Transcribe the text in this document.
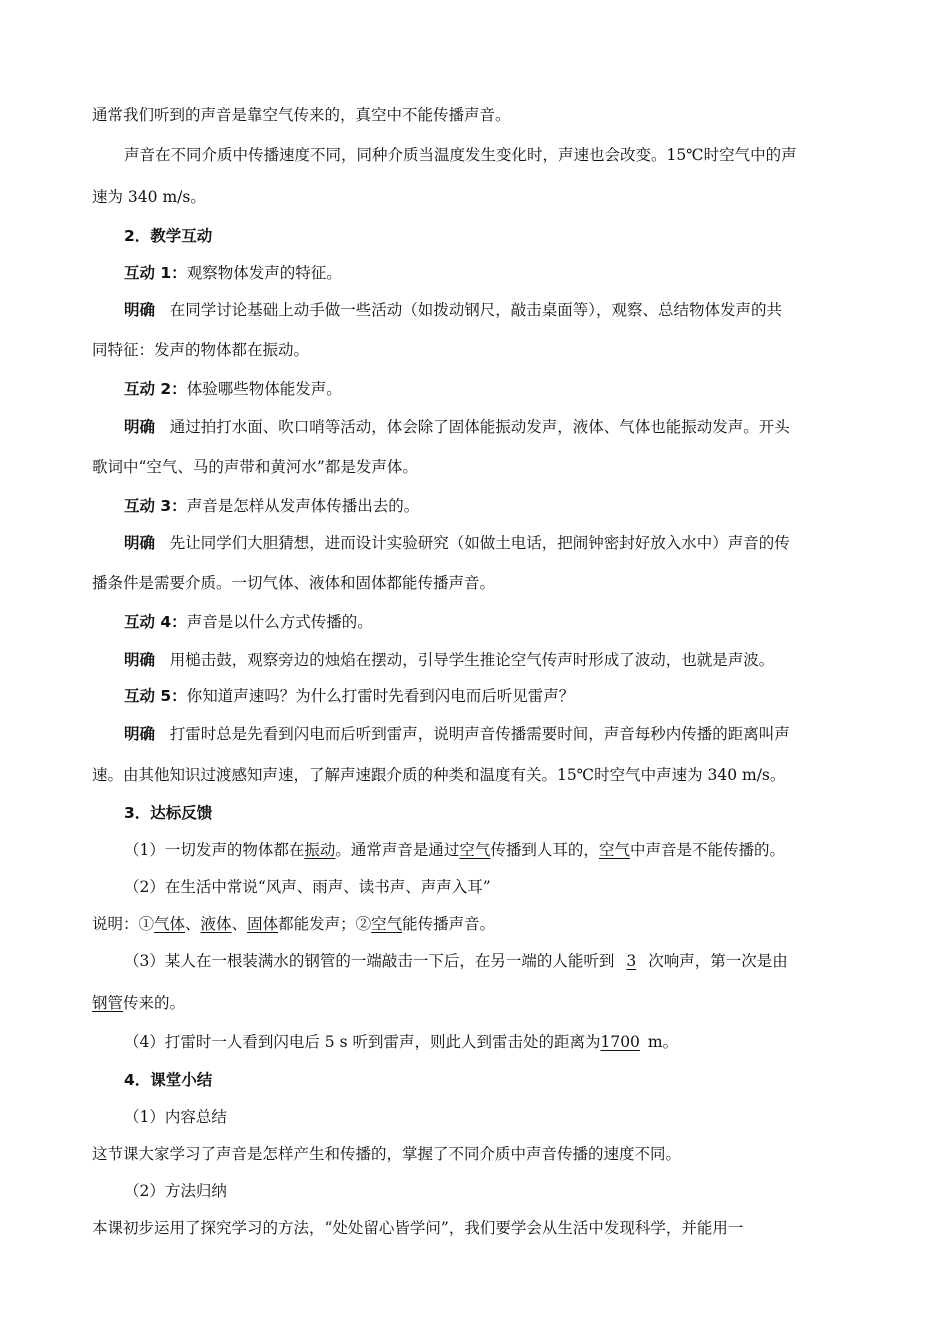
通常我们听到的声音是靠空气传来的，真空中不能传播声音。
声音在不同介质中传播速度不同，同种介质当温度发生变化时，声速也会改变。15℃时空气中的声
速为 340 m/s。
2．教学互动
互动 1：观察物体发声的特征。
明确 在同学讨论基础上动手做一些活动（如拨动钢尺，敲击桌面等），观察、总结物体发声的共
同特征：发声的物体都在振动。
互动 2：体验哪些物体能发声。
明确 通过拍打水面、吹口哨等活动，体会除了固体能振动发声，液体、气体也能振动发声。开头
歌词中“空气、马的声带和黄河水”都是发声体。
互动 3：声音是怎样从发声体传播出去的。
明确 先让同学们大胆猜想，进而设计实验研究（如做土电话，把闹钟密封好放入水中）声音的传
播条件是需要介质。一切气体、液体和固体都能传播声音。
互动 4：声音是以什么方式传播的。
明确 用槌击鼓，观察旁边的烛焰在摆动，引导学生推论空气传声时形成了波动，也就是声波。
互动 5：你知道声速吗？为什么打雷时先看到闪电而后听见雷声？
明确 打雷时总是先看到闪电而后听到雷声，说明声音传播需要时间，声音每秒内传播的距离叫声
速。由其他知识过渡感知声速，了解声速跟介质的种类和温度有关。15℃时空气中声速为 340 m/s。
3．达标反馈
（1）一切发声的物体都在振动。通常声音是通过空气传播到人耳的，空气中声音是不能传播的。
（2）在生活中常说“风声、雨声、读书声、声声入耳”
说明：①气体、液体、固体都能发声；②空气能传播声音。
（3）某人在一根装满水的钢管的一端敲击一下后，在另一端的人能听到 3 次响声，第一次是由
钢管传来的。
（4）打雷时一人看到闪电后 5 s 听到雷声，则此人到雷击处的距离为1700 m。
4．课堂小结
（1）内容总结
这节课大家学习了声音是怎样产生和传播的，掌握了不同介质中声音传播的速度不同。
（2）方法归纳
本课初步运用了探究学习的方法，“处处留心皆学问”，我们要学会从生活中发现科学，并能用一
